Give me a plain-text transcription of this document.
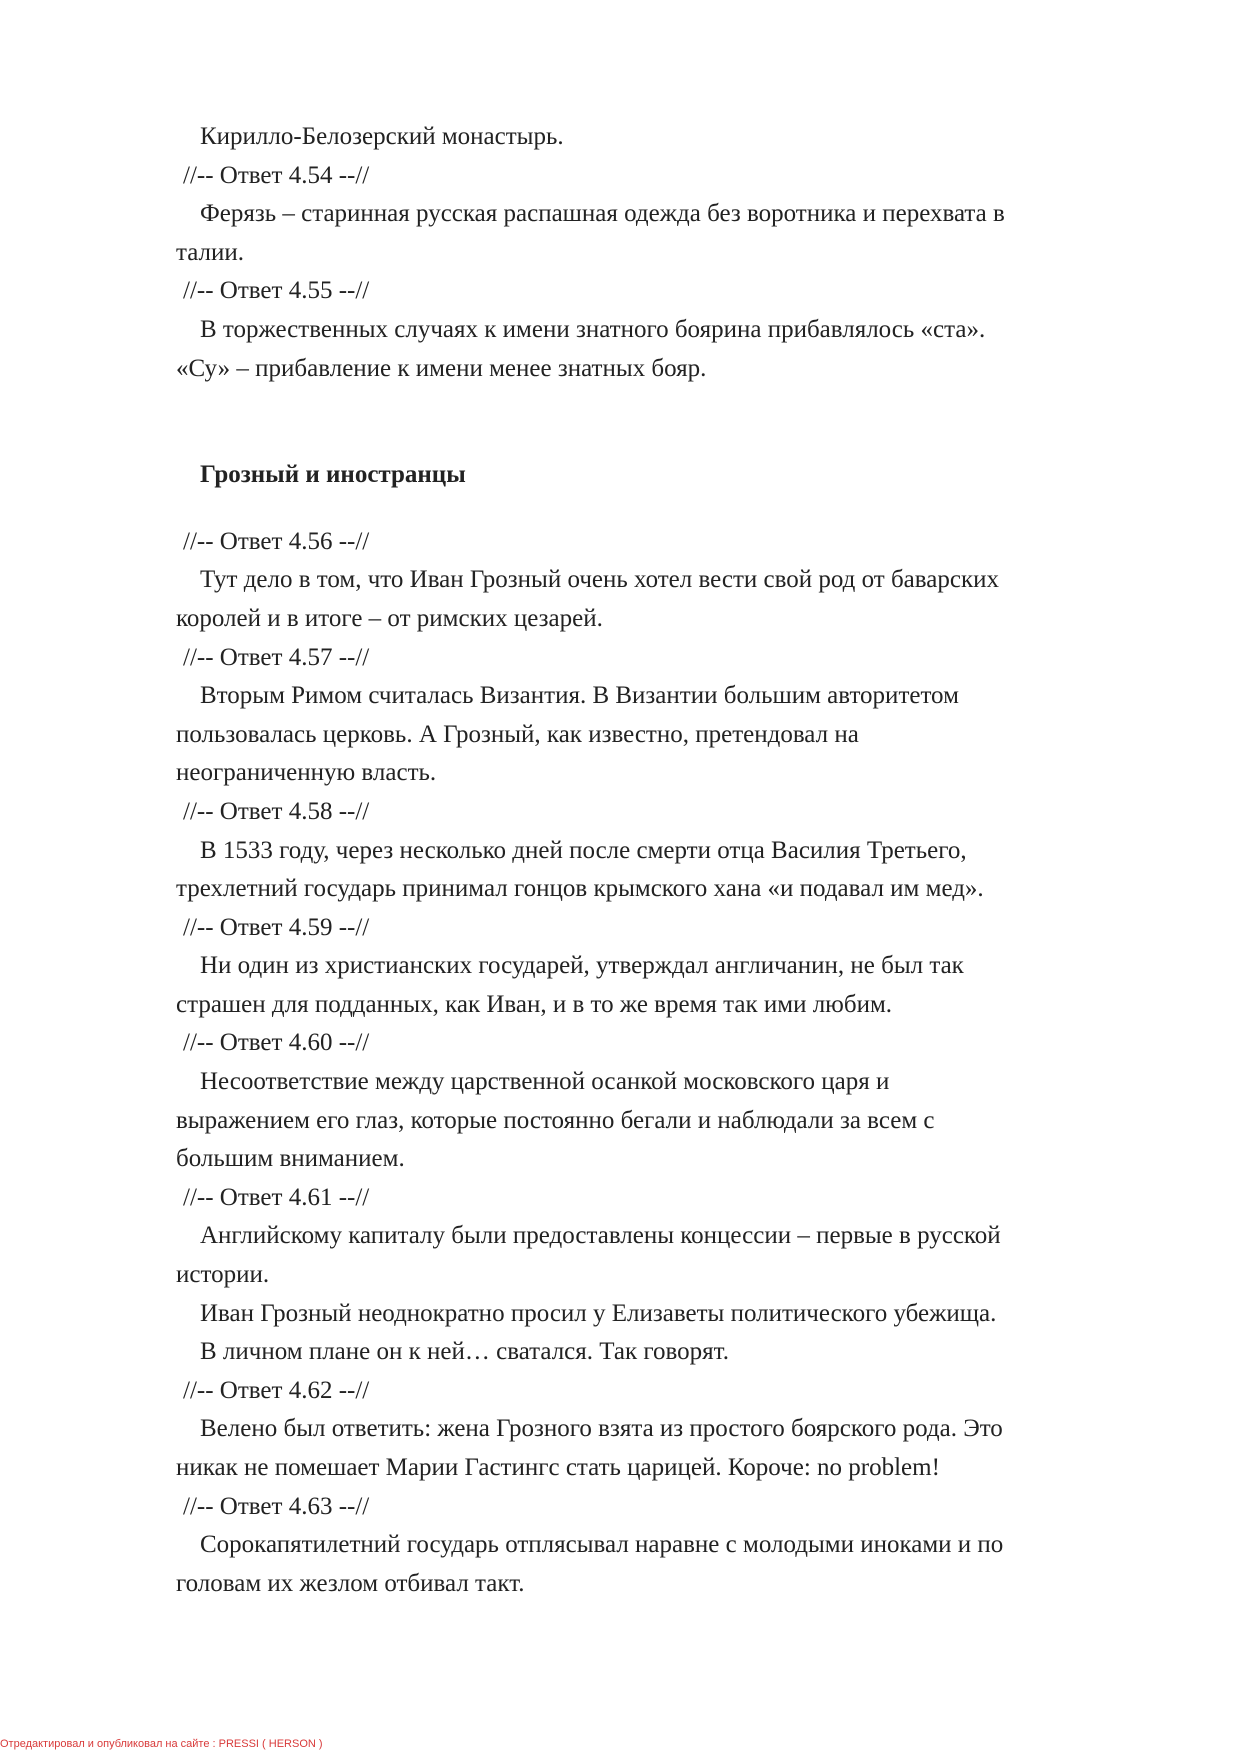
Кирилло-Белозерский монастырь.
//-- Ответ 4.54 --//
Ферязь – старинная русская распашная одежда без воротника и перехвата в
талии.
//-- Ответ 4.55 --//
В торжественных случаях к имени знатного боярина прибавлялось «ста».
«Су» – прибавление к имени менее знатных бояр.
Грозный и иностранцы
//-- Ответ 4.56 --//
Тут дело в том, что Иван Грозный очень хотел вести свой род от баварских
королей и в итоге – от римских цезарей.
//-- Ответ 4.57 --//
Вторым Римом считалась Византия. В Византии большим авторитетом
пользовалась церковь. А Грозный, как известно, претендовал на
неограниченную власть.
//-- Ответ 4.58 --//
В 1533 году, через несколько дней после смерти отца Василия Третьего,
трехлетний государь принимал гонцов крымского хана «и подавал им мед».
//-- Ответ 4.59 --//
Ни один из христианских государей, утверждал англичанин, не был так
страшен для подданных, как Иван, и в то же время так ими любим.
//-- Ответ 4.60 --//
Несоответствие между царственной осанкой московского царя и
выражением его глаз, которые постоянно бегали и наблюдали за всем с
большим вниманием.
//-- Ответ 4.61 --//
Английскому капиталу были предоставлены концессии – первые в русской
истории.
Иван Грозный неоднократно просил у Елизаветы политического убежища.
В личном плане он к ней… сватался. Так говорят.
//-- Ответ 4.62 --//
Велено был ответить: жена Грозного взята из простого боярского рода. Это
никак не помешает Марии Гастингс стать царицей. Короче: no problem!
//-- Ответ 4.63 --//
Сорокапятилетний государь отплясывал наравне с молодыми иноками и по
головам их жезлом отбивал такт.
Отредактировал и опубликовал на сайте : PRESSI ( HERSON )
